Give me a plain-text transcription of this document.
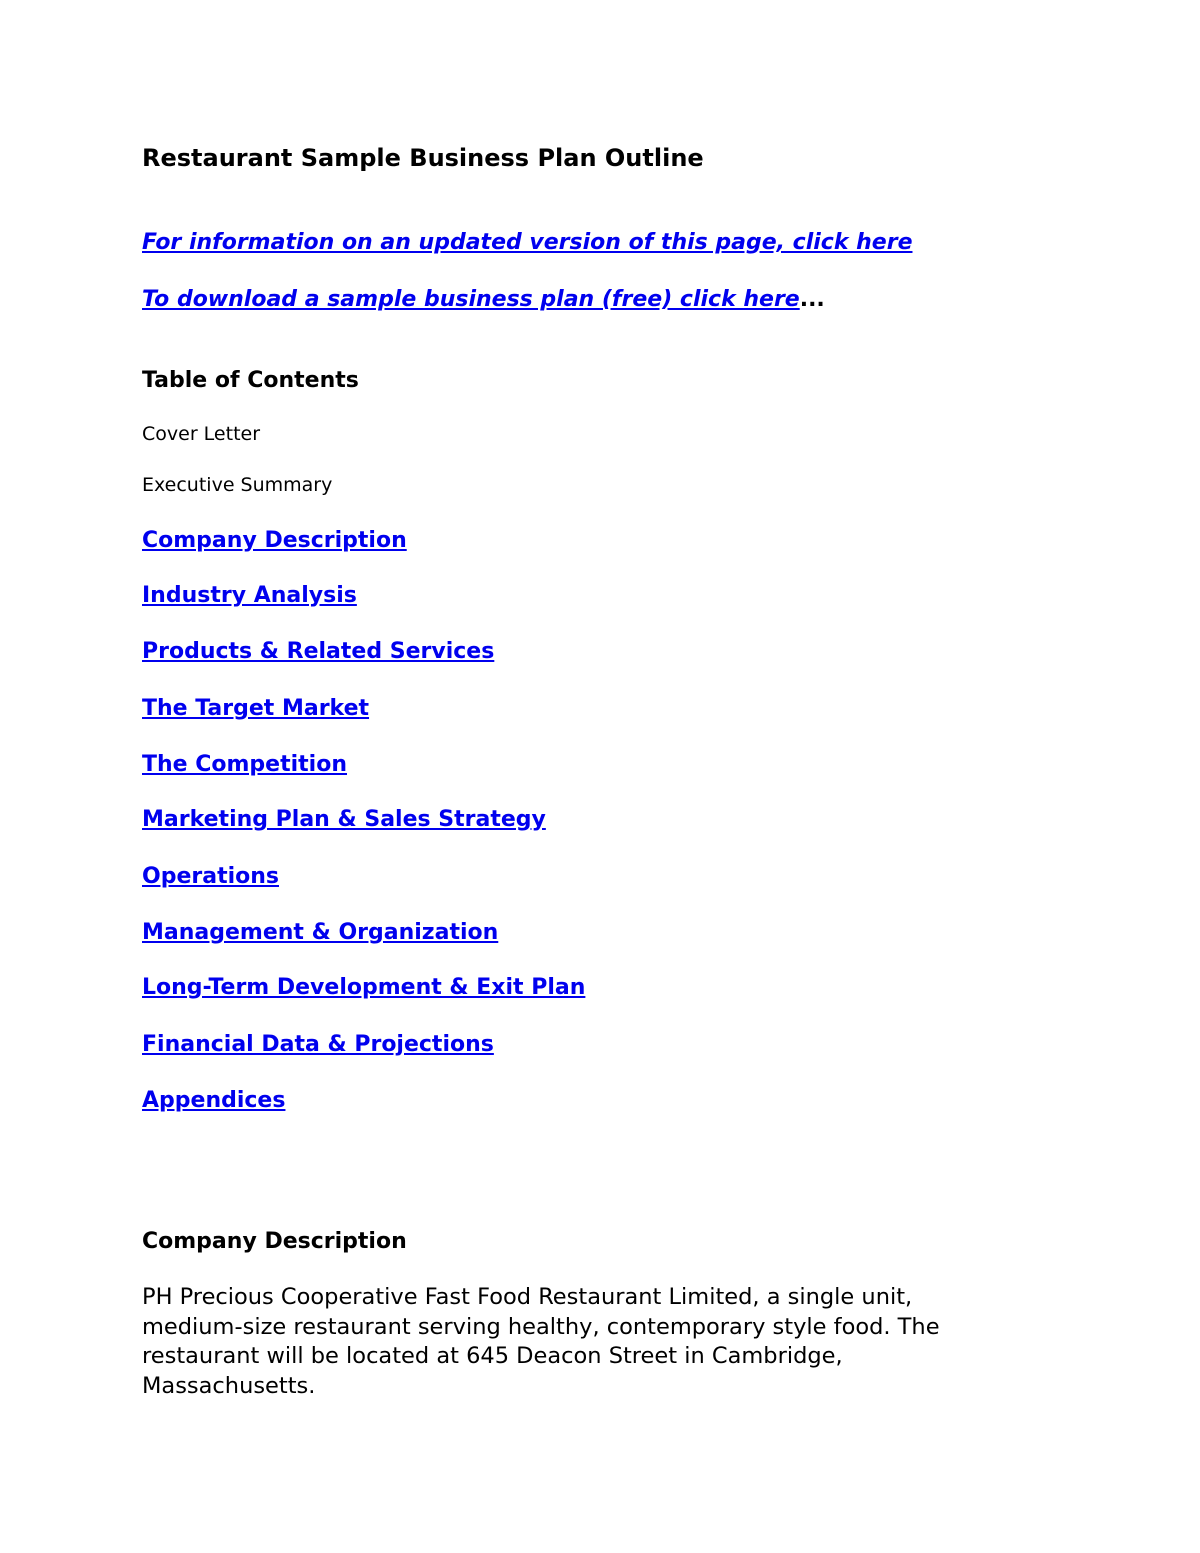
Restaurant Sample Business Plan Outline
For information on an updated version of this page, click here
To download a sample business plan (free) click here...
Table of Contents
Cover Letter
Executive Summary
Company Description
Industry Analysis
Products & Related Services
The Target Market
The Competition
Marketing Plan & Sales Strategy
Operations
Management & Organization
Long-Term Development & Exit Plan
Financial Data & Projections
Appendices
Company Description
PH Precious Cooperative Fast Food Restaurant Limited, a single unit,
medium-size restaurant serving healthy, contemporary style food. The
restaurant will be located at 645 Deacon Street in Cambridge,
Massachusetts.
